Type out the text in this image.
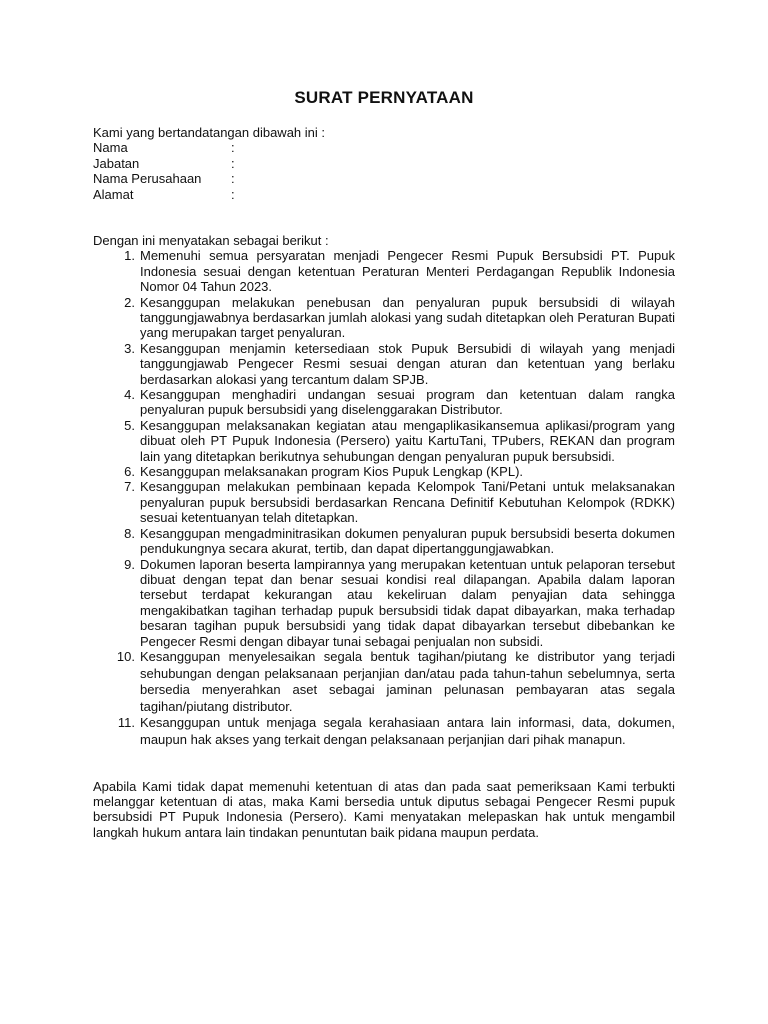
SURAT PERNYATAAN

Kami yang bertandatangan dibawah ini :

Nama	:
Jabatan	:
Nama Perusahaan	:
Alamat	:

Dengan ini menyatakan sebagai berikut :

1. Memenuhi semua persyaratan menjadi Pengecer Resmi Pupuk Bersubsidi PT. Pupuk Indonesia sesuai dengan ketentuan Peraturan Menteri Perdagangan Republik Indonesia Nomor 04 Tahun 2023.
2. Kesanggupan melakukan penebusan dan penyaluran pupuk bersubsidi di wilayah tanggungjawabnya berdasarkan jumlah alokasi yang sudah ditetapkan oleh Peraturan Bupati yang merupakan target penyaluran.
3. Kesanggupan menjamin ketersediaan stok Pupuk Bersubidi di wilayah yang menjadi tanggungjawab Pengecer Resmi sesuai dengan aturan dan ketentuan yang berlaku berdasarkan alokasi yang tercantum dalam SPJB.
4. Kesanggupan menghadiri undangan sesuai program dan ketentuan dalam rangka penyaluran pupuk bersubsidi yang diselenggarakan Distributor.
5. Kesanggupan melaksanakan kegiatan atau mengaplikasikansemua aplikasi/program yang dibuat oleh PT Pupuk Indonesia (Persero) yaitu KartuTani, TPubers, REKAN dan program lain yang ditetapkan berikutnya sehubungan dengan penyaluran pupuk bersubsidi.
6. Kesanggupan melaksanakan program Kios Pupuk Lengkap (KPL).
7. Kesanggupan melakukan pembinaan kepada Kelompok Tani/Petani untuk melaksanakan penyaluran pupuk bersubsidi berdasarkan Rencana Definitif Kebutuhan Kelompok (RDKK) sesuai ketentuanyan telah ditetapkan.
8. Kesanggupan mengadminitrasikan dokumen penyaluran pupuk bersubsidi beserta dokumen pendukungnya secara akurat, tertib, dan dapat dipertanggungjawabkan.
9. Dokumen laporan beserta lampirannya yang merupakan ketentuan untuk pelaporan tersebut dibuat dengan tepat dan benar sesuai kondisi real dilapangan. Apabila dalam laporan tersebut terdapat kekurangan atau kekeliruan dalam penyajian data sehingga mengakibatkan tagihan terhadap pupuk bersubsidi tidak dapat dibayarkan, maka terhadap besaran tagihan pupuk bersubsidi yang tidak dapat dibayarkan tersebut dibebankan ke Pengecer Resmi dengan dibayar tunai sebagai penjualan non subsidi.
10. Kesanggupan menyelesaikan segala bentuk tagihan/piutang ke distributor yang terjadi sehubungan dengan pelaksanaan perjanjian dan/atau pada tahun-tahun sebelumnya, serta bersedia menyerahkan aset sebagai jaminan pelunasan pembayaran atas segala tagihan/piutang distributor.
11. Kesanggupan untuk menjaga segala kerahasiaan antara lain informasi, data, dokumen, maupun hak akses yang terkait dengan pelaksanaan perjanjian dari pihak manapun.

Apabila Kami tidak dapat memenuhi ketentuan di atas dan pada saat pemeriksaan Kami terbukti melanggar ketentuan di atas, maka Kami bersedia untuk diputus sebagai Pengecer Resmi pupuk bersubsidi PT Pupuk Indonesia (Persero). Kami menyatakan melepaskan hak untuk mengambil langkah hukum antara lain tindakan penuntutan baik pidana maupun perdata.
